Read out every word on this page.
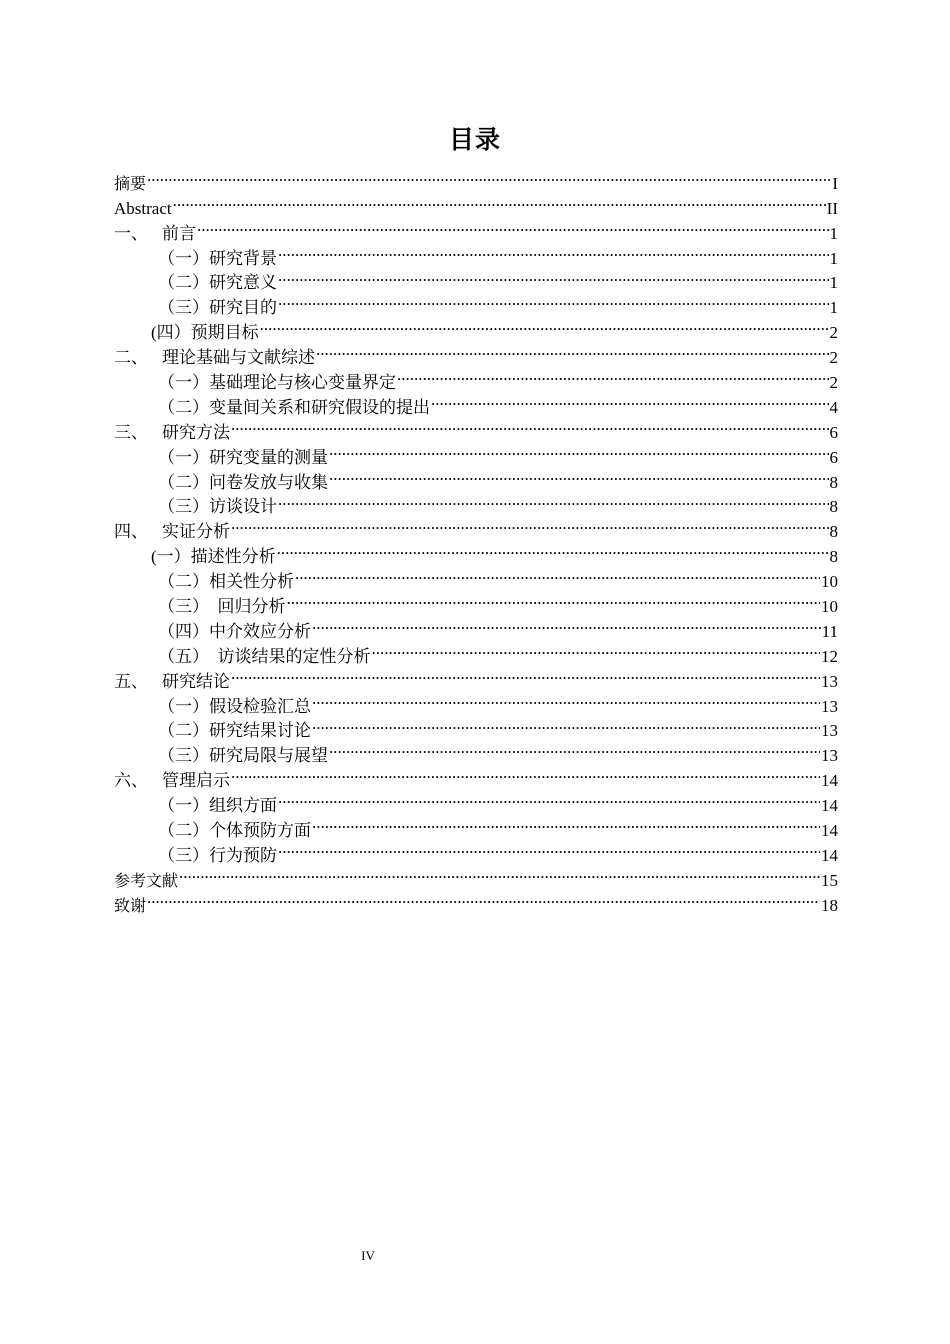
目录
摘要 .....	I
Abstract .....	II
一、 前言 .....	1
（一）研究背景 .....	1
（二）研究意义 .....	1
（三）研究目的 .....	1
(四）预期目标 .....	2
二、 理论基础与文献综述 .....	2
（一）基础理论与核心变量界定 .....	2
（二）变量间关系和研究假设的提出 .....	4
三、 研究方法 .....	6
（一）研究变量的测量 .....	6
（二）问卷发放与收集 .....	8
（三）访谈设计 .....	8
四、 实证分析 .....	8
(一）描述性分析 .....	8
（二）相关性分析 .....	10
（三）  回归分析 .....	10
（四）中介效应分析 .....	11
（五）  访谈结果的定性分析 .....	12
五、 研究结论 .....	13
（一）假设检验汇总 .....	13
（二）研究结果讨论 .....	13
（三）研究局限与展望 .....	13
六、 管理启示 .....	14
（一）组织方面 .....	14
（二）个体预防方面 .....	14
（三）行为预防 .....	14
参考文献 .....	15
致谢 .....	18
IV
